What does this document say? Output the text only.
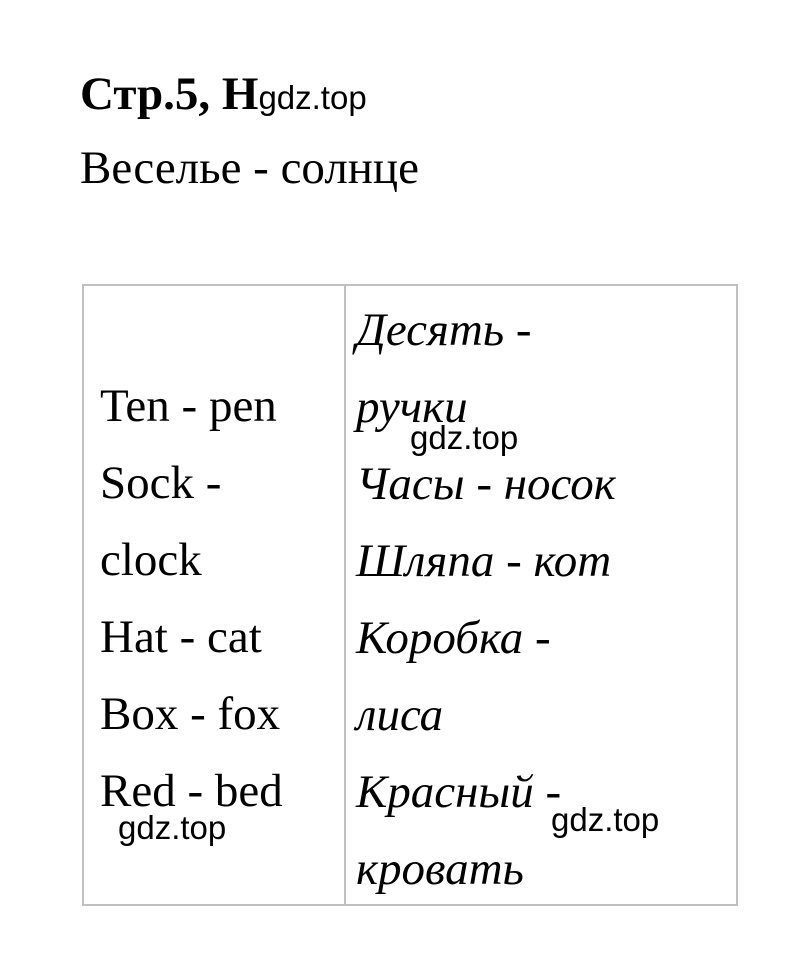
Стр.5, Нgdz.top

Веселье - солнце

Ten - pen
Sock -
clock
Hat - cat
Box - fox
Red - bed
Десять -
ручки
Часы - носок
Шляпа - кот
Коробка -
лиса
Красный -
кровать
gdz.top
gdz.top	gdz.top
